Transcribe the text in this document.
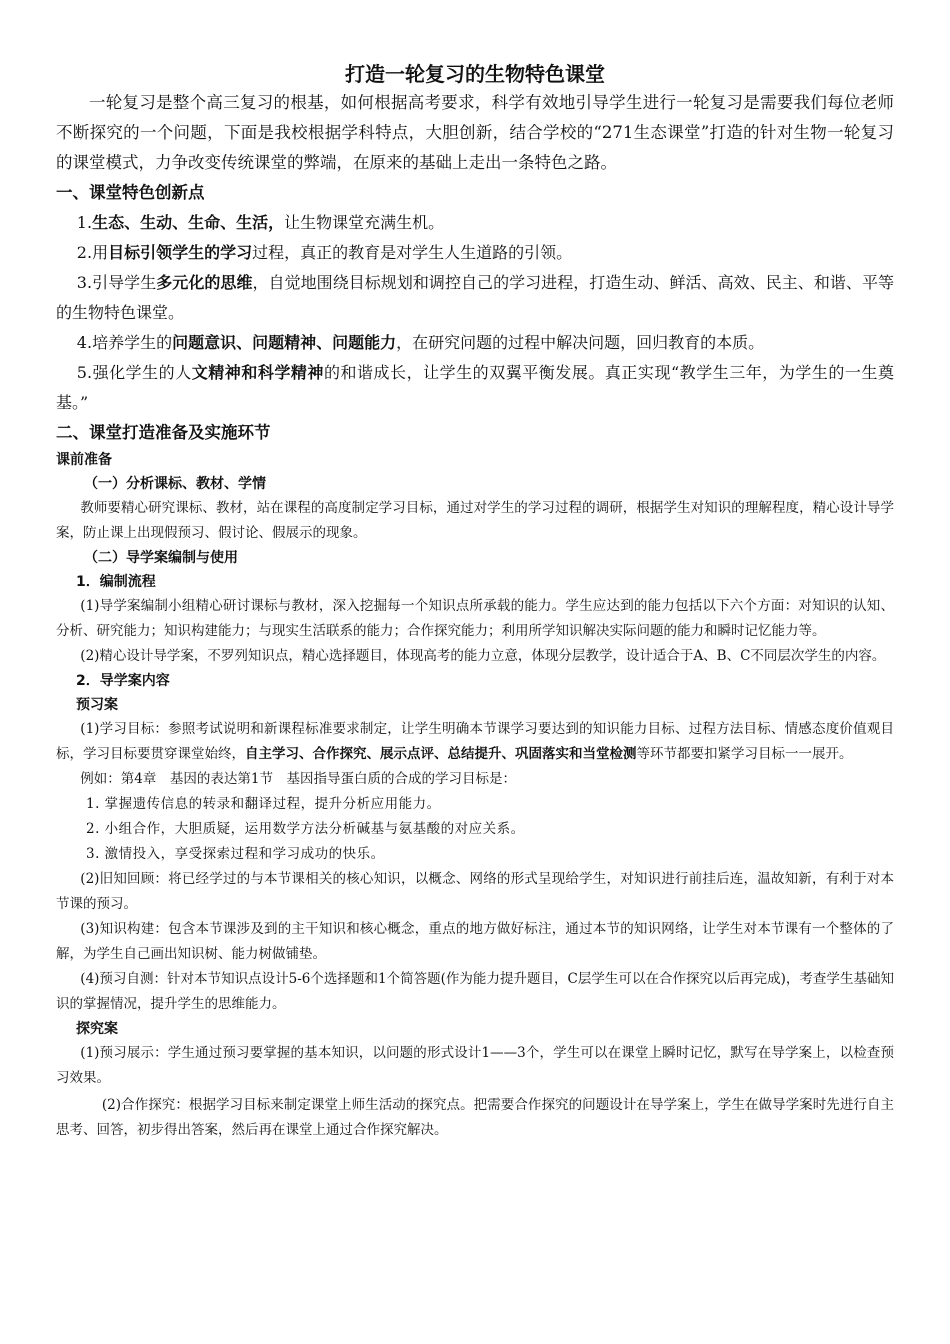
打造一轮复习的生物特色课堂

一轮复习是整个高三复习的根基，如何根据高考要求，科学有效地引导学生进行一轮复习是需要我们每位老师不断探究的一个问题，下面是我校根据学科特点，大胆创新，结合学校的“271生态课堂”打造的针对生物一轮复习的课堂模式，力争改变传统课堂的弊端，在原来的基础上走出一条特色之路。

一、课堂特色创新点

1.生态、生动、生命、生活，让生物课堂充满生机。

2.用目标引领学生的学习过程，真正的教育是对学生人生道路的引领。

3.引导学生多元化的思维，自觉地围绕目标规划和调控自己的学习进程，打造生动、鲜活、高效、民主、和谐、平等的生物特色课堂。

4.培养学生的问题意识、问题精神、问题能力，在研究问题的过程中解决问题，回归教育的本质。

5.强化学生的人文精神和科学精神的和谐成长，让学生的双翼平衡发展。真正实现“教学生三年，为学生的一生奠基。”

二、课堂打造准备及实施环节

课前准备

（一）分析课标、教材、学情

教师要精心研究课标、教材，站在课程的高度制定学习目标，通过对学生的学习过程的调研，根据学生对知识的理解程度，精心设计导学案，防止课上出现假预习、假讨论、假展示的现象。

（二）导学案编制与使用

1．编制流程

(1)导学案编制小组精心研讨课标与教材，深入挖掘每一个知识点所承载的能力。学生应达到的能力包括以下六个方面：对知识的认知、分析、研究能力；知识构建能力；与现实生活联系的能力；合作探究能力；利用所学知识解决实际问题的能力和瞬时记忆能力等。

(2)精心设计导学案，不罗列知识点，精心选择题目，体现高考的能力立意，体现分层教学，设计适合于A、B、C不同层次学生的内容。

2．导学案内容

预习案

(1)学习目标：参照考试说明和新课程标准要求制定，让学生明确本节课学习要达到的知识能力目标、过程方法目标、情感态度价值观目标，学习目标要贯穿课堂始终，自主学习、合作探究、展示点评、总结提升、巩固落实和当堂检测等环节都要扣紧学习目标一一展开。

例如：第4章　基因的表达第1节　基因指导蛋白质的合成的学习目标是：

1. 掌握遗传信息的转录和翻译过程，提升分析应用能力。

2. 小组合作，大胆质疑，运用数学方法分析碱基与氨基酸的对应关系。

3. 激情投入，享受探索过程和学习成功的快乐。

(2)旧知回顾：将已经学过的与本节课相关的核心知识，以概念、网络的形式呈现给学生，对知识进行前挂后连，温故知新，有利于对本节课的预习。

(3)知识构建：包含本节课涉及到的主干知识和核心概念，重点的地方做好标注，通过本节的知识网络，让学生对本节课有一个整体的了解，为学生自己画出知识树、能力树做铺垫。

(4)预习自测：针对本节知识点设计5-6个选择题和1个简答题(作为能力提升题目，C层学生可以在合作探究以后再完成)，考查学生基础知识的掌握情况，提升学生的思维能力。

探究案

(1)预习展示：学生通过预习要掌握的基本知识，以问题的形式设计1——3个，学生可以在课堂上瞬时记忆，默写在导学案上，以检查预习效果。

(2)合作探究：根据学习目标来制定课堂上师生活动的探究点。把需要合作探究的问题设计在导学案上，学生在做导学案时先进行自主思考、回答，初步得出答案，然后再在课堂上通过合作探究解决。
